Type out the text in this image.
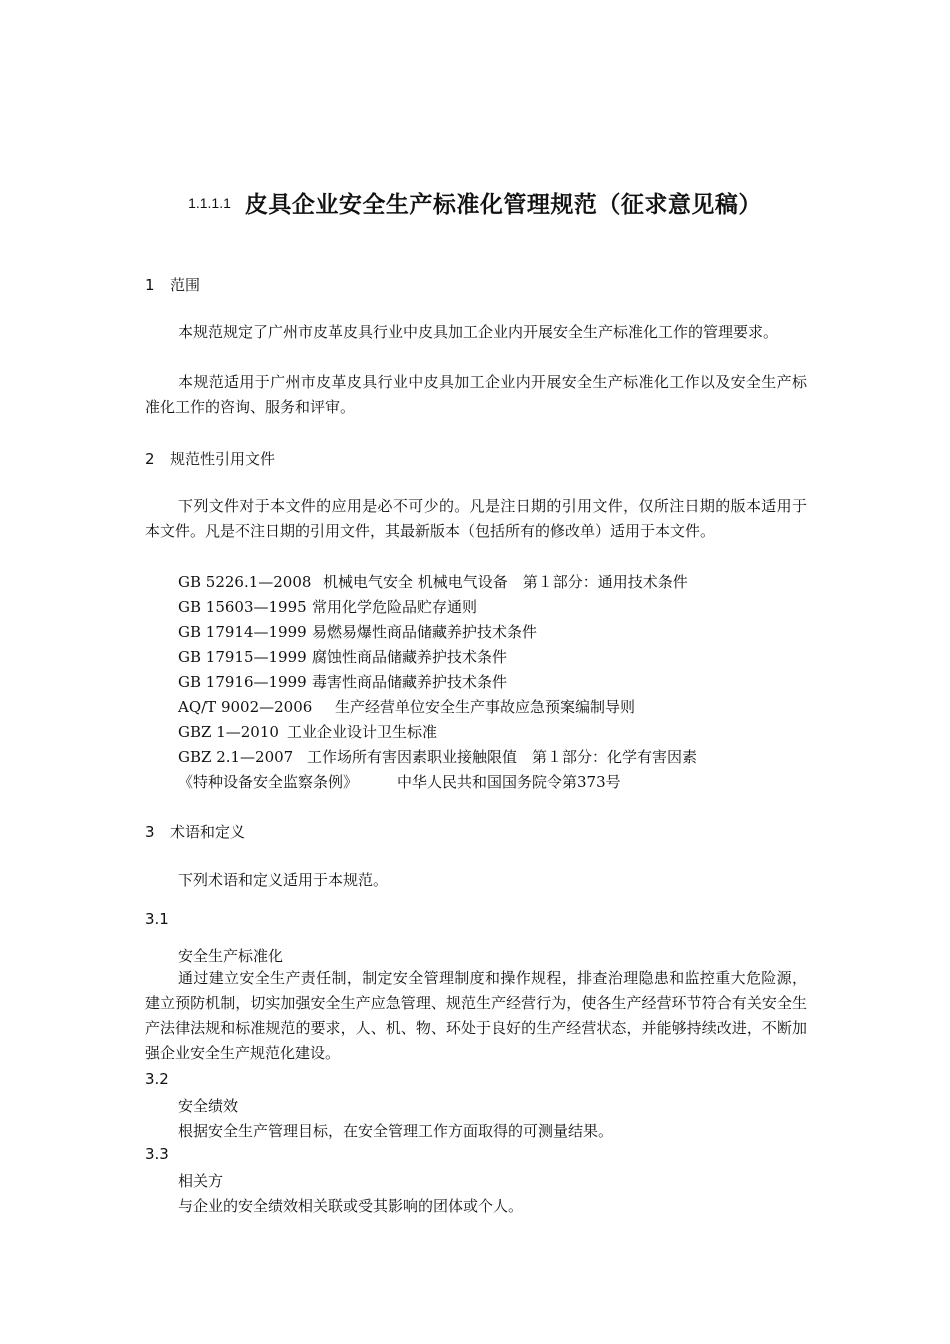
1.1.1.1 皮具企业安全生产标准化管理规范（征求意见稿）
1 范围

本规范规定了广州市皮革皮具行业中皮具加工企业内开展安全生产标准化工作的管理要求。

本规范适用于广州市皮革皮具行业中皮具加工企业内开展安全生产标准化工作以及安全生产标准化工作的咨询、服务和评审。

2 规范性引用文件

下列文件对于本文件的应用是必不可少的。凡是注日期的引用文件，仅所注日期的版本适用于本文件。凡是不注日期的引用文件，其最新版本（包括所有的修改单）适用于本文件。

GB 5226.1—2008 机械电气安全 机械电气设备　第１部分：通用技术条件
GB 15603—1995 常用化学危险品贮存通则
GB 17914—1999 易燃易爆性商品储藏养护技术条件
GB 17915—1999 腐蚀性商品储藏养护技术条件
GB 17916—1999 毒害性商品储藏养护技术条件
AQ/T 9002—2006 生产经营单位安全生产事故应急预案编制导则
GBZ 1—2010 工业企业设计卫生标准
GBZ 2.1—2007 工作场所有害因素职业接触限值　第１部分：化学有害因素
《特种设备安全监察条例》	中华人民共和国国务院令第373号
3 术语和定义
下列术语和定义适用于本规范。
3.1
安全生产标准化

通过建立安全生产责任制，制定安全管理制度和操作规程，排查治理隐患和监控重大危险源，建立预防机制，切实加强安全生产应急管理、规范生产经营行为，使各生产经营环节符合有关安全生产法律法规和标准规范的要求，人、机、物、环处于良好的生产经营状态，并能够持续改进，不断加强企业安全生产规范化建设。

3.2
安全绩效
根据安全生产管理目标，在安全管理工作方面取得的可测量结果。
3.3
相关方
与企业的安全绩效相关联或受其影响的团体或个人。
